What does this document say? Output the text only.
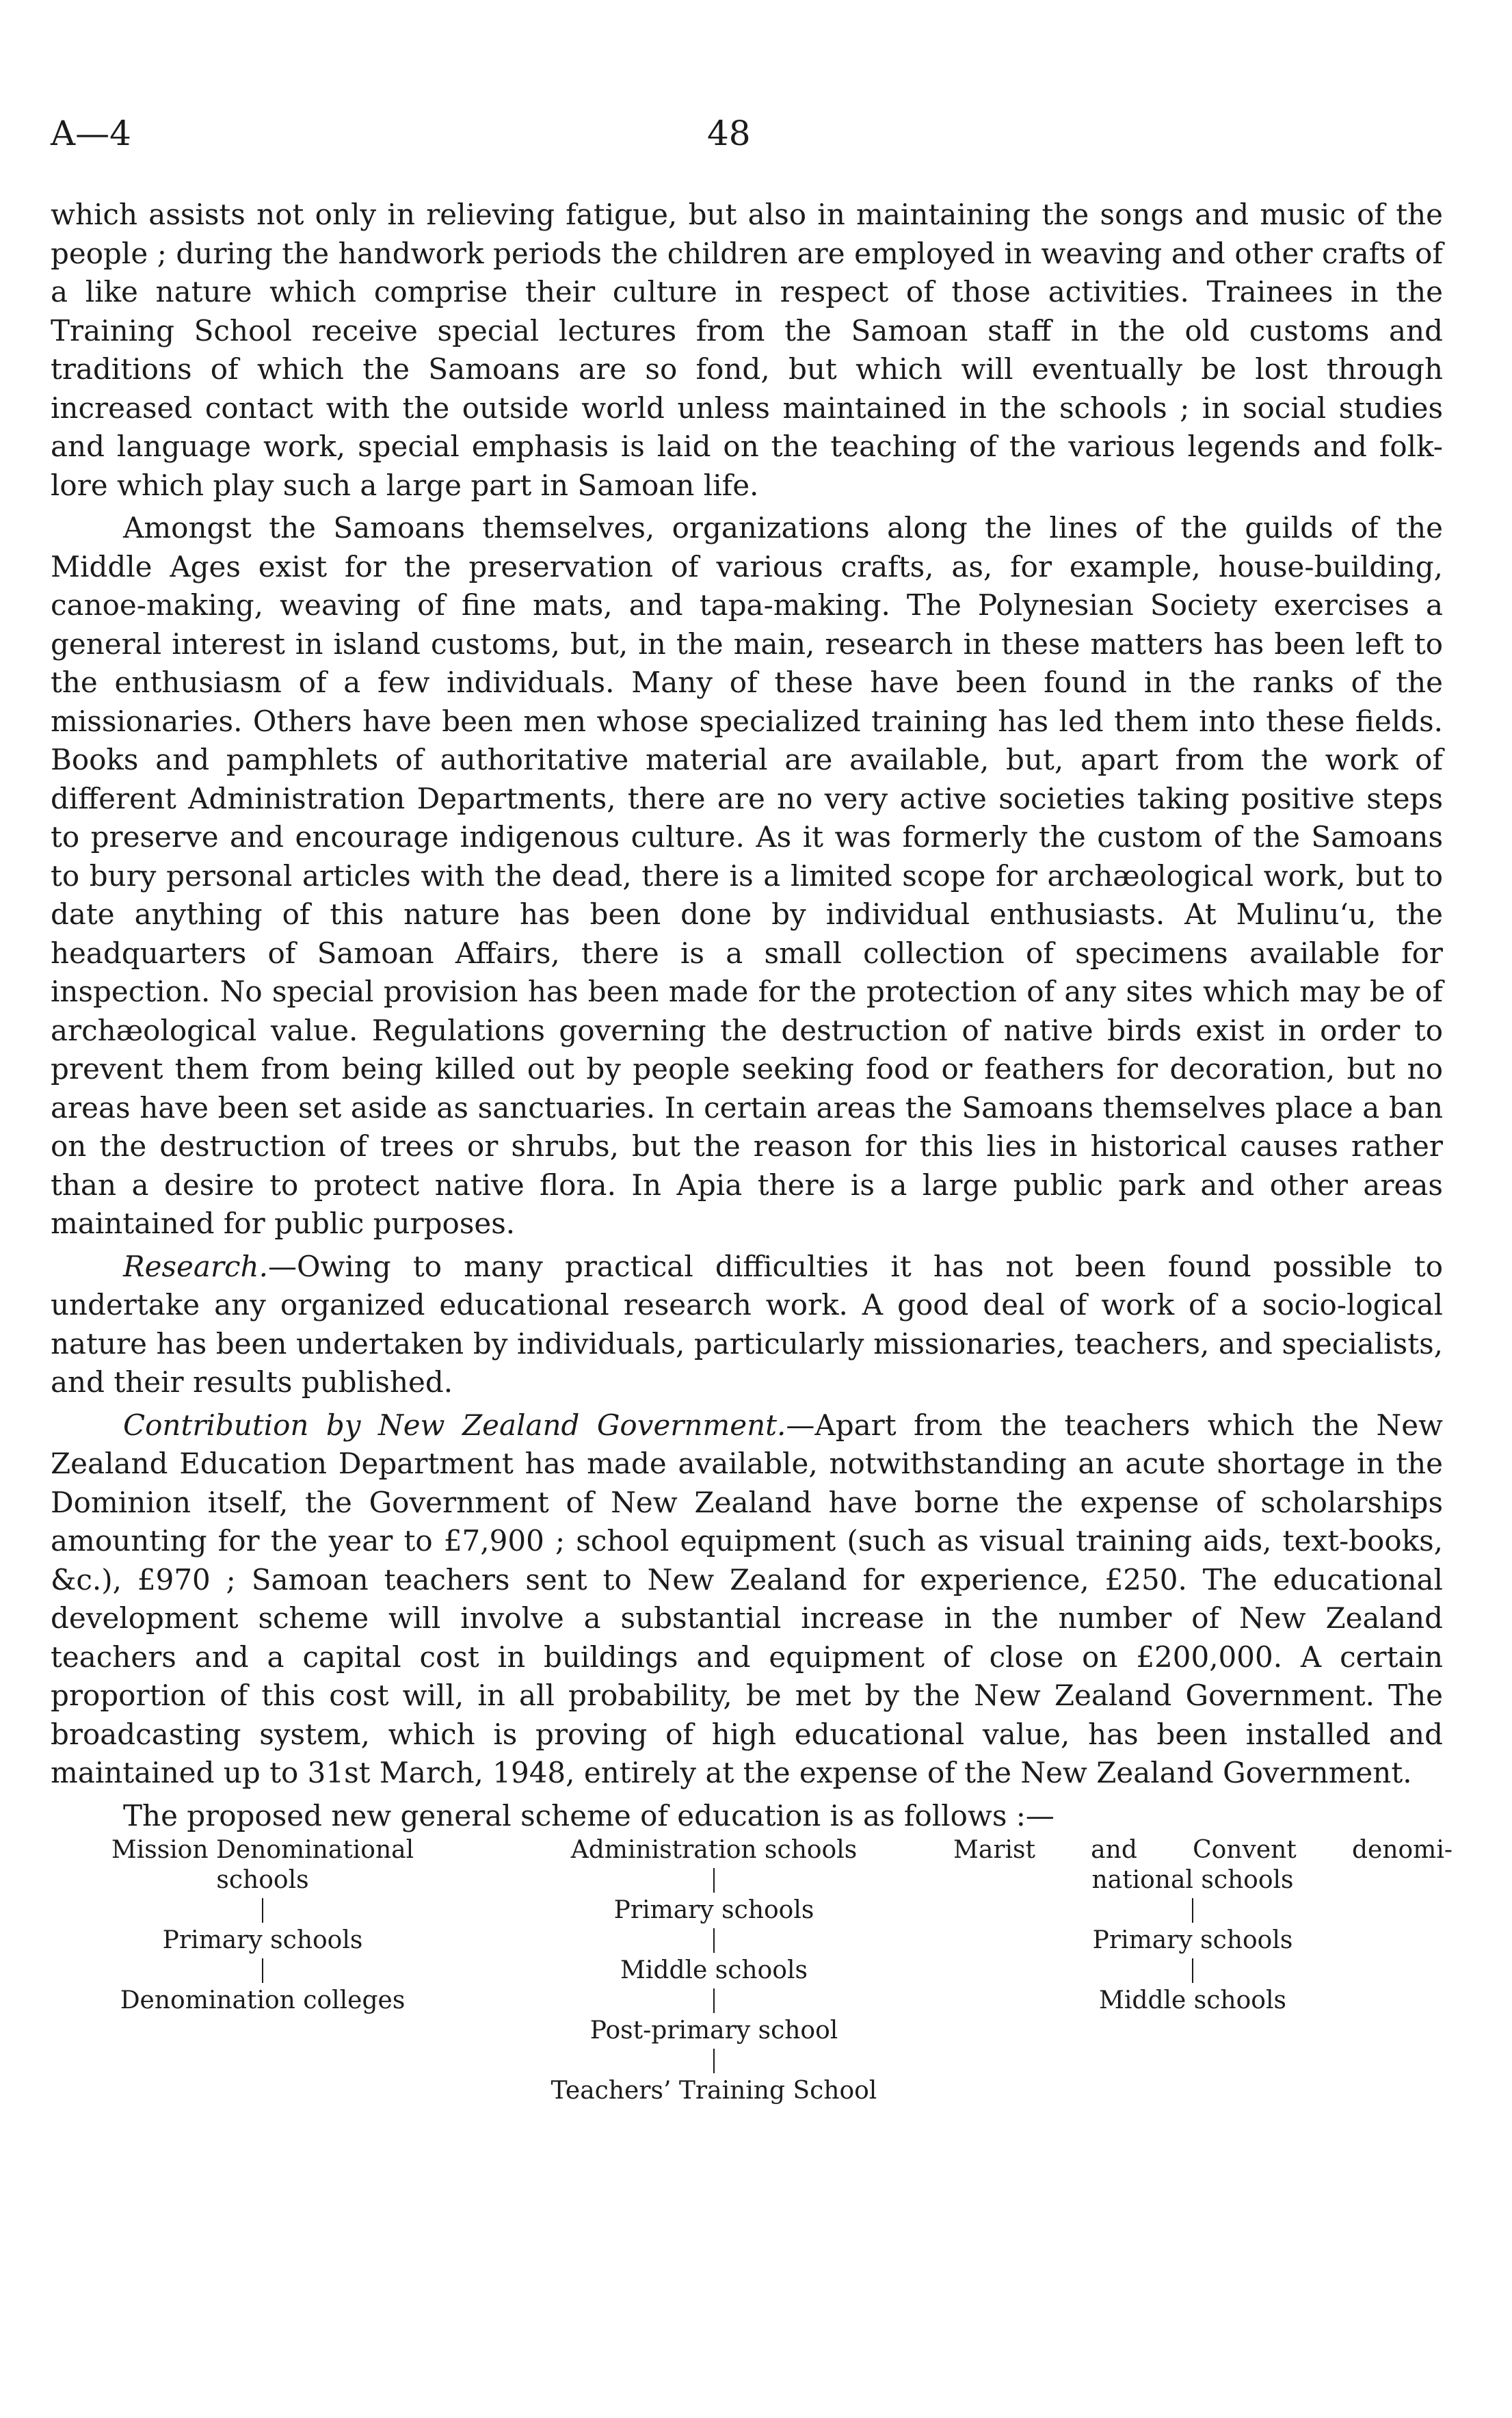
A—4	48

which assists not only in relieving fatigue, but also in maintaining the songs and music of the people ; during the handwork periods the children are employed in weaving and other crafts of a like nature which comprise their culture in respect of those activities. Trainees in the Training School receive special lectures from the Samoan staff in the old customs and traditions of which the Samoans are so fond, but which will eventually be lost through increased contact with the outside world unless maintained in the schools ; in social studies and language work, special emphasis is laid on the teaching of the various legends and folk-lore which play such a large part in Samoan life.

Amongst the Samoans themselves, organizations along the lines of the guilds of the Middle Ages exist for the preservation of various crafts, as, for example, house-building, canoe-making, weaving of fine mats, and tapa-making. The Polynesian Society exercises a general interest in island customs, but, in the main, research in these matters has been left to the enthusiasm of a few individuals. Many of these have been found in the ranks of the missionaries. Others have been men whose specialized training has led them into these fields. Books and pamphlets of authoritative material are available, but, apart from the work of different Administration Departments, there are no very active societies taking positive steps to preserve and encourage indigenous culture. As it was formerly the custom of the Samoans to bury personal articles with the dead, there is a limited scope for archæological work, but to date anything of this nature has been done by individual enthusiasts. At Mulinu‘u, the headquarters of Samoan Affairs, there is a small collection of specimens available for inspection. No special provision has been made for the protection of any sites which may be of archæological value. Regulations governing the destruction of native birds exist in order to prevent them from being killed out by people seeking food or feathers for decoration, but no areas have been set aside as sanctuaries. In certain areas the Samoans themselves place a ban on the destruction of trees or shrubs, but the reason for this lies in historical causes rather than a desire to protect native flora. In Apia there is a large public park and other areas maintained for public purposes.

Research.—Owing to many practical difficulties it has not been found possible to undertake any organized educational research work. A good deal of work of a socio-logical nature has been undertaken by individuals, particularly missionaries, teachers, and specialists, and their results published.

Contribution by New Zealand Government.—Apart from the teachers which the New Zealand Education Department has made available, notwithstanding an acute shortage in the Dominion itself, the Government of New Zealand have borne the expense of scholarships amounting for the year to £7,900 ; school equipment (such as visual training aids, text-books, &c.), £970 ; Samoan teachers sent to New Zealand for experience, £250. The educational development scheme will involve a substantial increase in the number of New Zealand teachers and a capital cost in buildings and equipment of close on £200,000. A certain proportion of this cost will, in all probability, be met by the New Zealand Government. The broadcasting system, which is proving of high educational value, has been installed and maintained up to 31st March, 1948, entirely at the expense of the New Zealand Government.

The proposed new general scheme of education is as follows :—

Mission Denominational schools
Primary schools
Denomination colleges
Administration schools
Primary schools
Middle schools
Post-primary school
Teachers’ Training School
Marist and Convent denomi-
national schools
Primary schools
Middle schools
